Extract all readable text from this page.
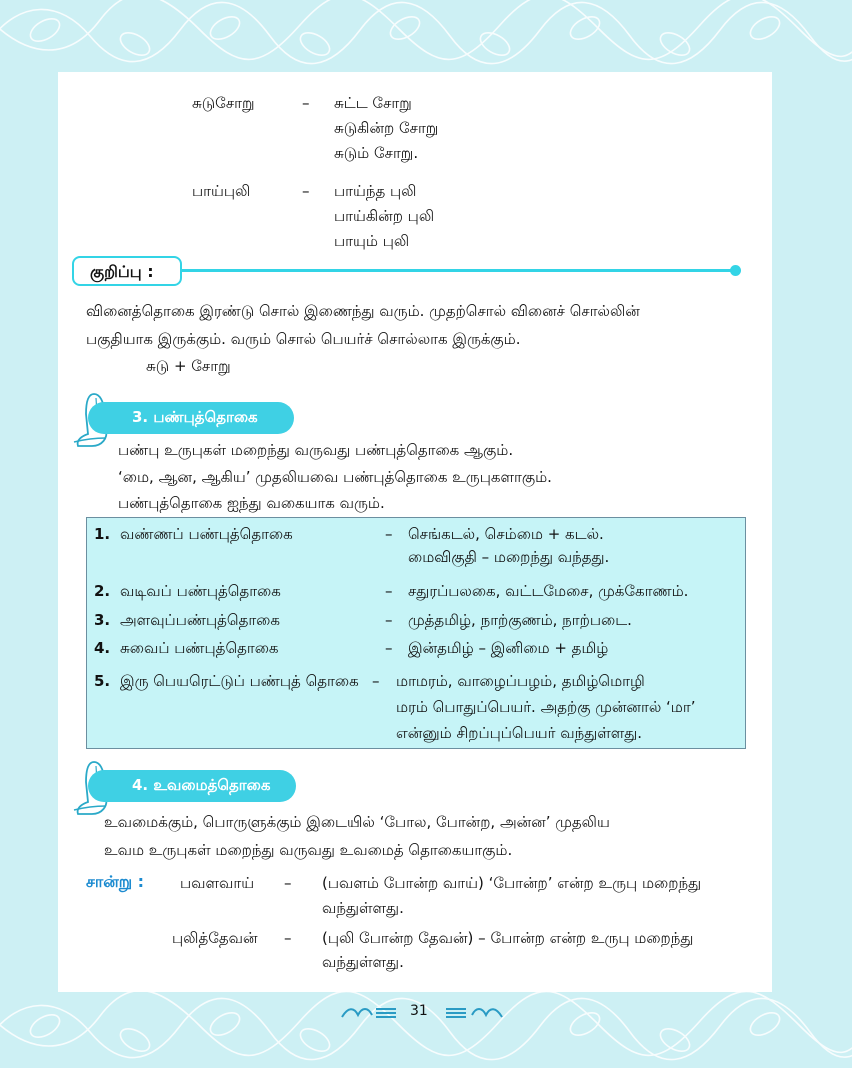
சுடுசோறு	– சுட்ட சோறு
சுடுகின்ற சோறு
சுடும் சோறு.
பாய்புலி	– பாய்ந்த புலி
பாய்கின்ற புலி
பாயும் புலி
குறிப்பு :
வினைத்தொகை இரண்டு சொல் இணைந்து வரும். முதற்சொல் வினைச் சொல்லின்
பகுதியாக இருக்கும். வரும் சொல் பெயர்ச் சொல்லாக இருக்கும்.
சுடு + சோறு
3. பண்புத்தொகை
பண்பு உருபுகள் மறைந்து வருவது பண்புத்தொகை ஆகும்.
‘மை, ஆன, ஆகிய’ முதலியவை பண்புத்தொகை உருபுகளாகும்.
பண்புத்தொகை ஐந்து வகையாக வரும்.
1. வண்ணப் பண்புத்தொகை	– செங்கடல், செம்மை + கடல்.
மைவிகுதி – மறைந்து வந்தது.
2. வடிவப் பண்புத்தொகை	– சதுரப்பலகை, வட்டமேசை, முக்கோணம்.
3. அளவுப்பண்புத்தொகை	– முத்தமிழ், நாற்குணம், நாற்படை.
4. சுவைப் பண்புத்தொகை	– இன்தமிழ் – இனிமை + தமிழ்
5. இரு பெயரெட்டுப் பண்புத் தொகை – மாமரம், வாழைப்பழம், தமிழ்மொழி
மரம் பொதுப்பெயர். அதற்கு முன்னால் ‘மா’
என்னும் சிறப்புப்பெயர் வந்துள்ளது.
4. உவமைத்தொகை
உவமைக்கும், பொருளுக்கும் இடையில் ‘போல, போன்ற, அன்ன’ முதலிய
உவம உருபுகள் மறைந்து வருவது உவமைத் தொகையாகும்.
சான்று : பவளவாய் – (பவளம் போன்ற வாய்) ‘போன்ற’ என்ற உருபு மறைந்து
வந்துள்ளது.
புலித்தேவன் – (புலி போன்ற தேவன்) – போன்ற என்ற உருபு மறைந்து
வந்துள்ளது.
31
